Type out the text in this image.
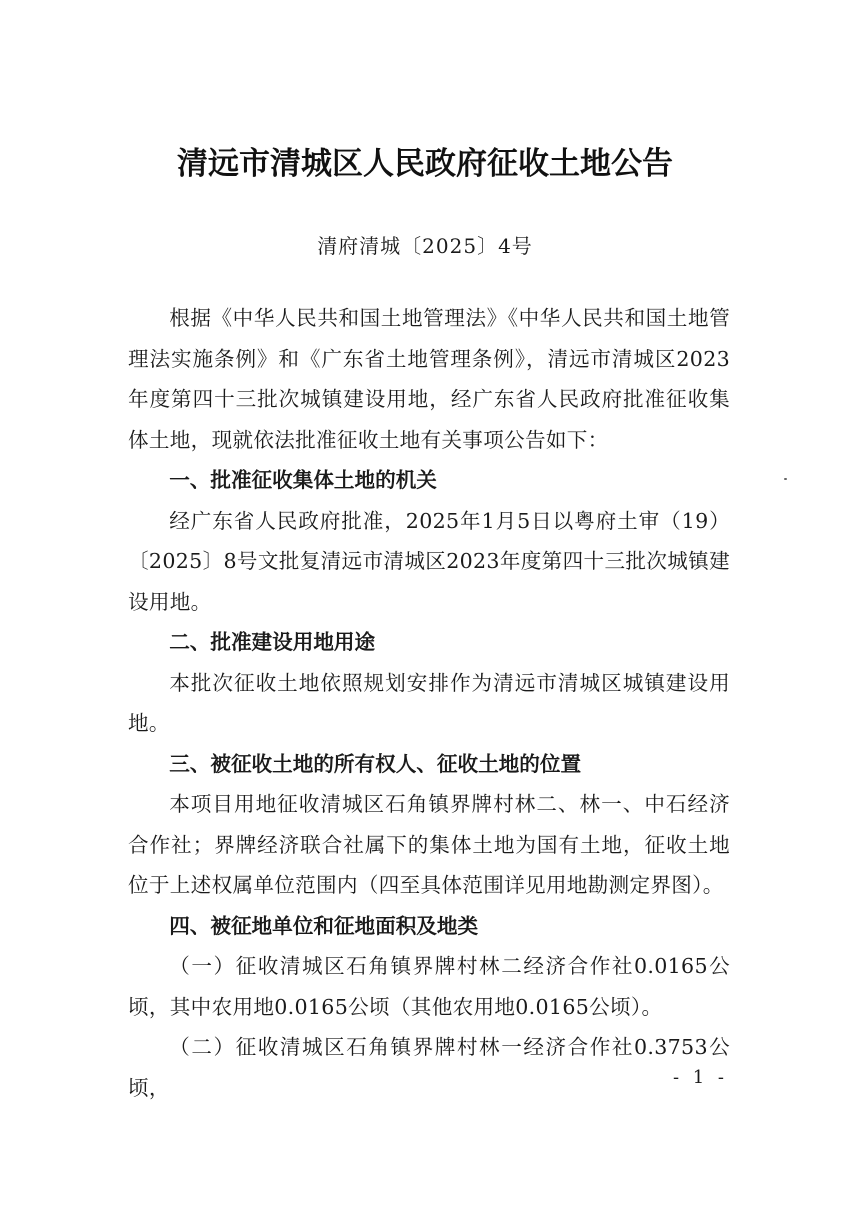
清远市清城区人民政府征收土地公告
清府清城〔2025〕4号

根据《中华人民共和国土地管理法》《中华人民共和国土地管理法实施条例》和《广东省土地管理条例》，清远市清城区2023年度第四十三批次城镇建设用地，经广东省人民政府批准征收集体土地，现就依法批准征收土地有关事项公告如下：

一、批准征收集体土地的机关

经广东省人民政府批准，2025年1月5日以粤府土审（19）〔2025〕8号文批复清远市清城区2023年度第四十三批次城镇建设用地。

二、批准建设用地用途

本批次征收土地依照规划安排作为清远市清城区城镇建设用地。

三、被征收土地的所有权人、征收土地的位置

本项目用地征收清城区石角镇界牌村林二、林一、中石经济合作社；界牌经济联合社属下的集体土地为国有土地，征收土地位于上述权属单位范围内（四至具体范围详见用地勘测定界图）。

四、被征地单位和征地面积及地类

（一）征收清城区石角镇界牌村林二经济合作社0.0165公顷，其中农用地0.0165公顷（其他农用地0.0165公顷）。

（二）征收清城区石角镇界牌村林一经济合作社0.3753公顷，	- 1 -
